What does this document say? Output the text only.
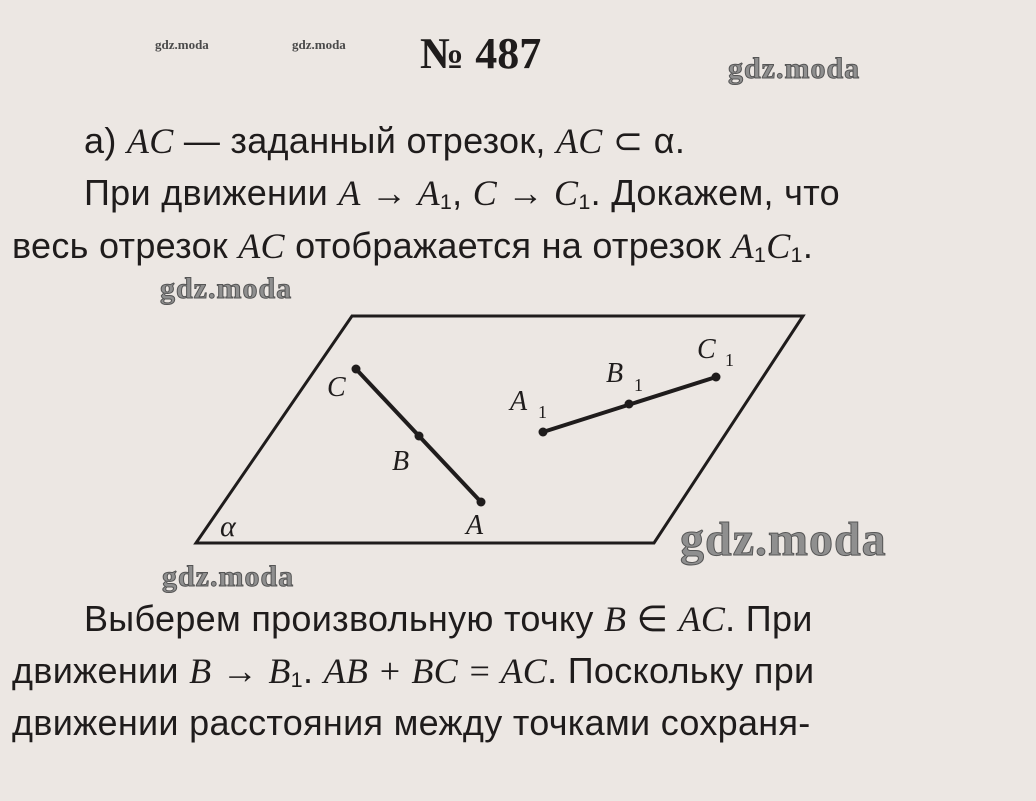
gdz.moda	gdz.moda № 487	gdz.moda
а) AC — заданный отрезок, AC ⊂ α.
При движении $A \to A_1$, $C \to C_1$. Докажем, что
весь отрезок AC отображается на отрезок $A_1C_1$.
gdz.moda
α
C
B
A
A 1
B 1
C 1
gdz.moda
gdz.moda
Выберем произвольную точку B ∈ AC. При
движении $B \to B_1$. AB + BC = AC. Поскольку при
движении расстояния между точками сохраня-
